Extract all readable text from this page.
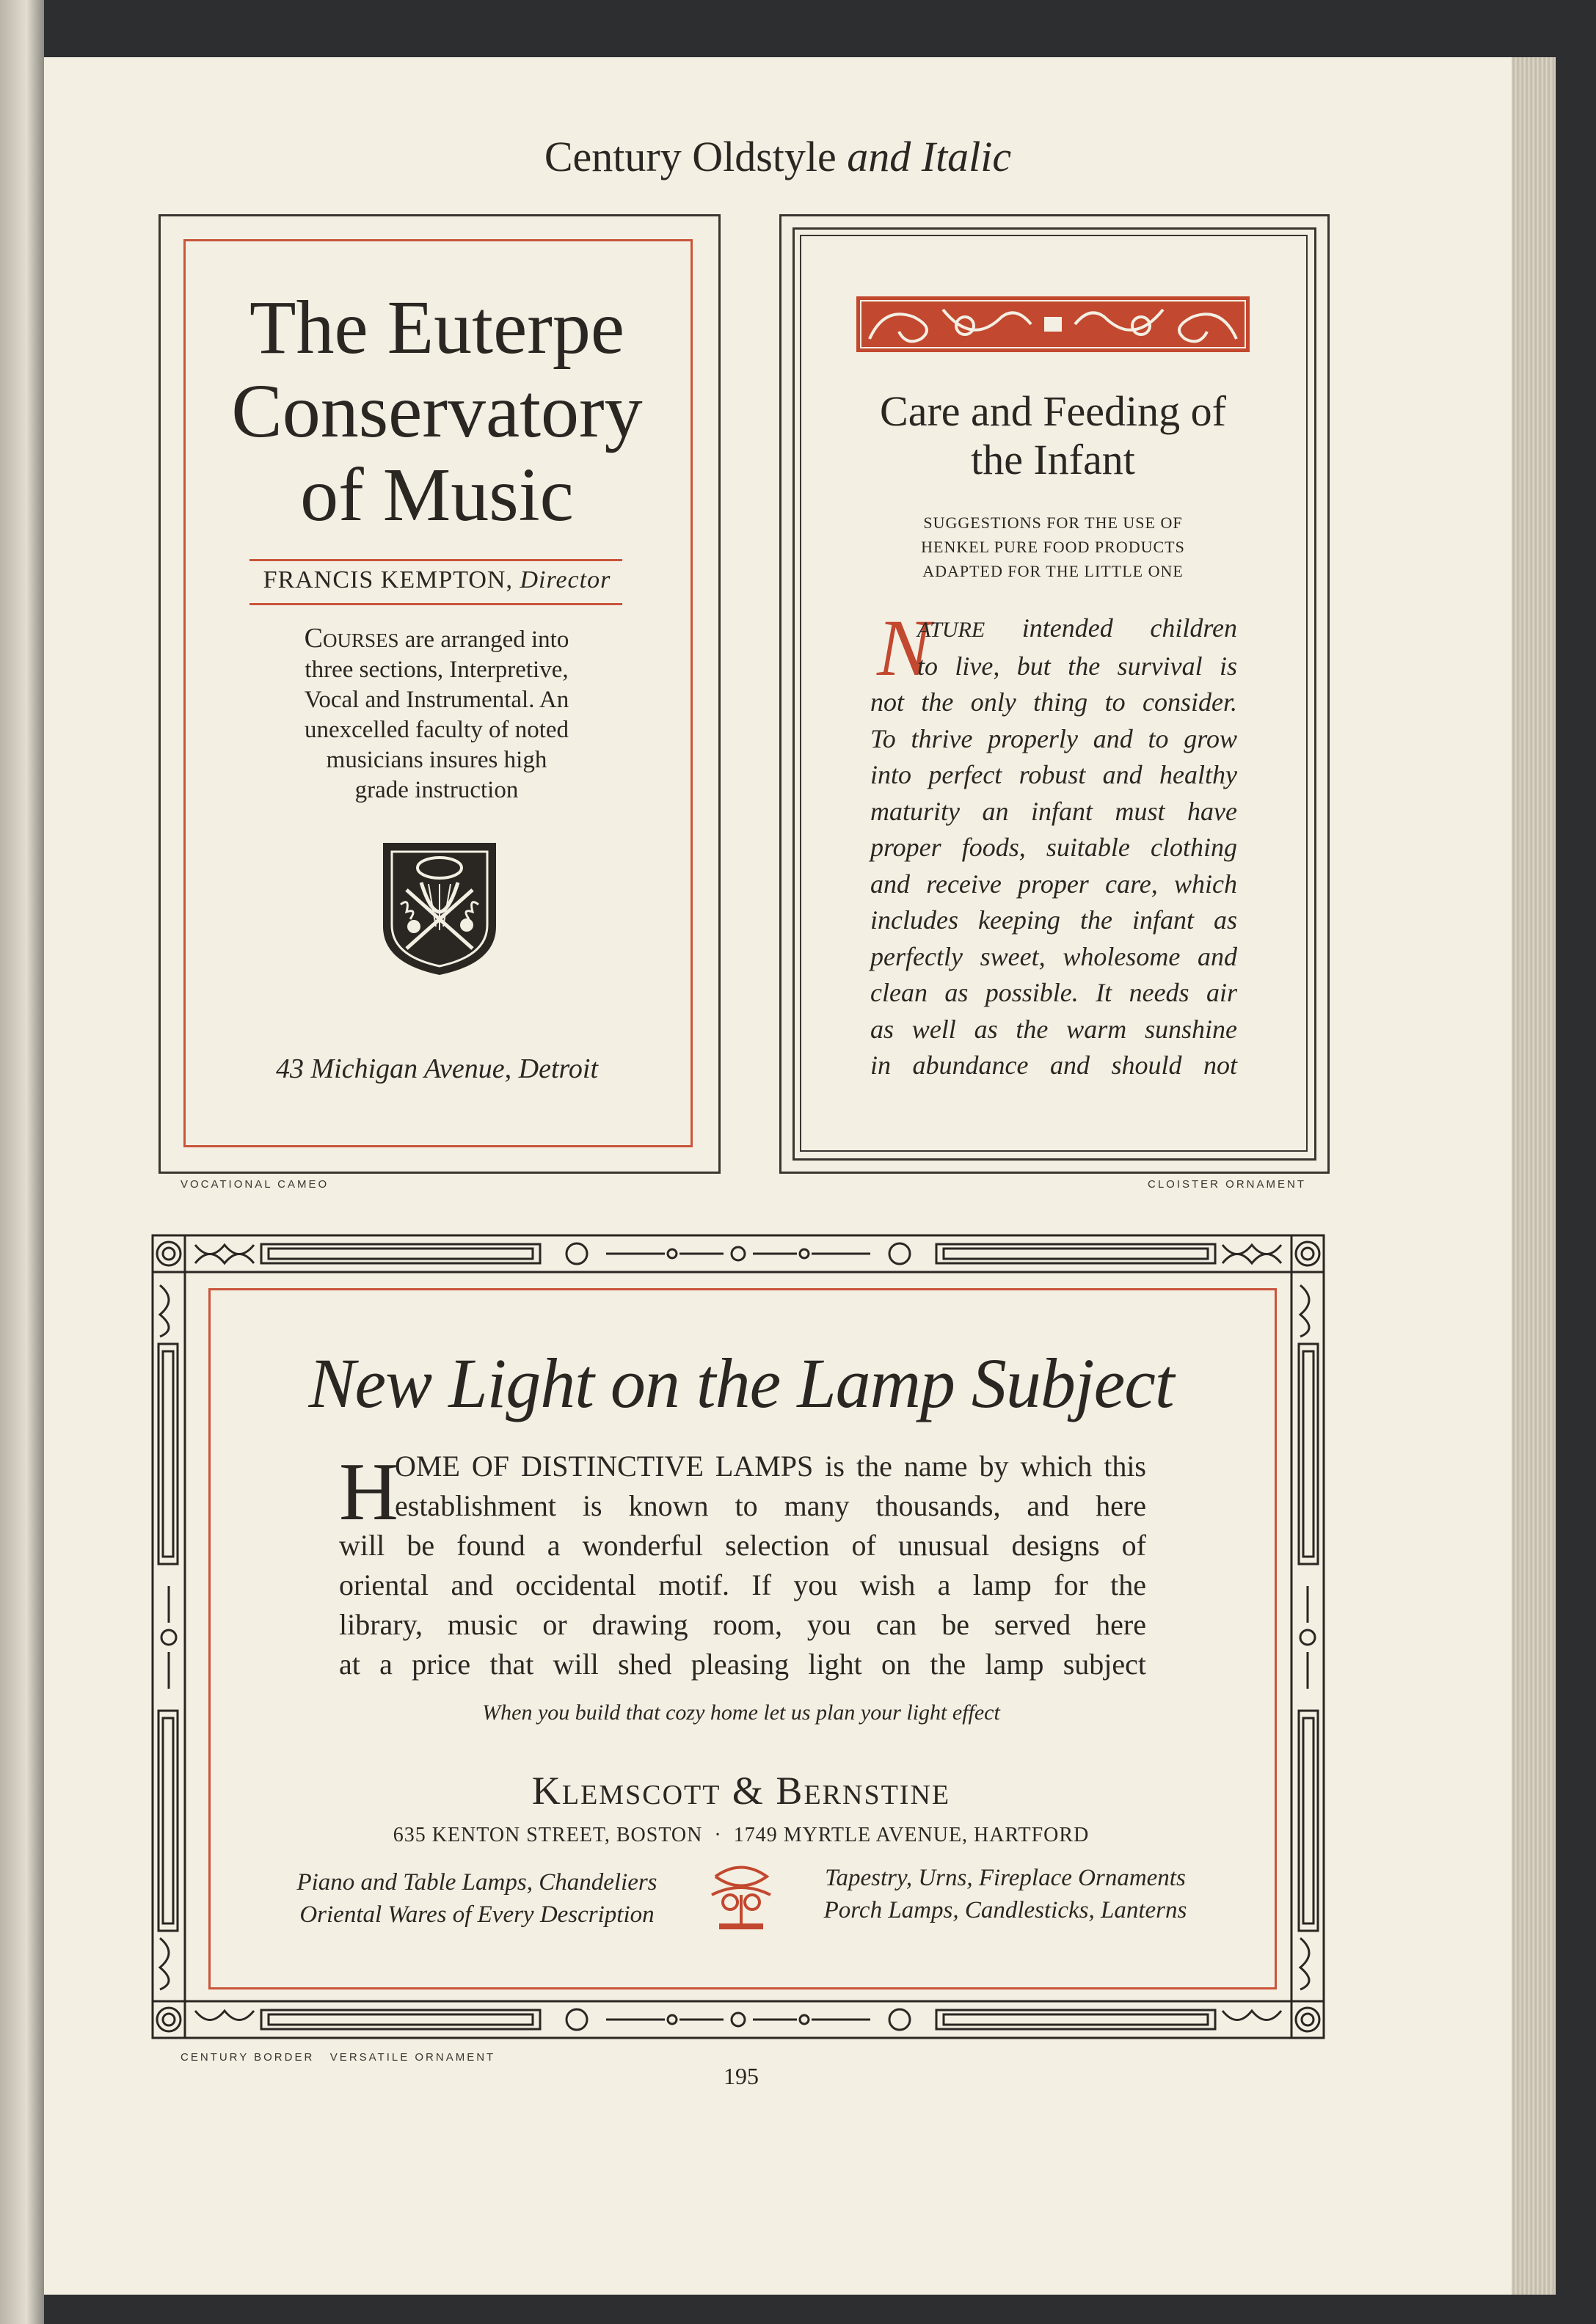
Century Oldstyle and Italic
The Euterpe
Conservatory
of Music
FRANCIS KEMPTON, Director
Courses are arranged into
three sections, Interpretive,
Vocal and Instrumental. An
unexcelled faculty of noted
musicians insures high
grade instruction
43 Michigan Avenue, Detroit
VOCATIONAL CAMEO
Care and Feeding of
the Infant
SUGGESTIONS FOR THE USE OF
HENKEL PURE FOOD PRODUCTS
ADAPTED FOR THE LITTLE ONE
N
ATURE intended children
to live, but the survival is
not the only thing to consider.
To thrive properly and to grow
into perfect robust and healthy
maturity an infant must have
proper foods, suitable clothing
and receive proper care, which
includes keeping the infant as
perfectly sweet, wholesome and
clean as possible. It needs air
as well as the warm sunshine
in abundance and should not
CLOISTER ORNAMENT
New Light on the Lamp Subject
H
OME OF DISTINCTIVE LAMPS is the name by which this
establishment is known to many thousands, and here
will be found a wonderful selection of unusual designs of
oriental and occidental motif. If you wish a lamp for the
library, music or drawing room, you can be served here
at a price that will shed pleasing light on the lamp subject
When you build that cozy home let us plan your light effect
Klemscott & Bernstine
635 KENTON STREET, BOSTON · 1749 MYRTLE AVENUE, HARTFORD
Piano and Table Lamps, Chandeliers
Oriental Wares of Every Description
Tapestry, Urns, Fireplace Ornaments
Porch Lamps, Candlesticks, Lanterns
CENTURY BORDER   VERSATILE ORNAMENT
195
